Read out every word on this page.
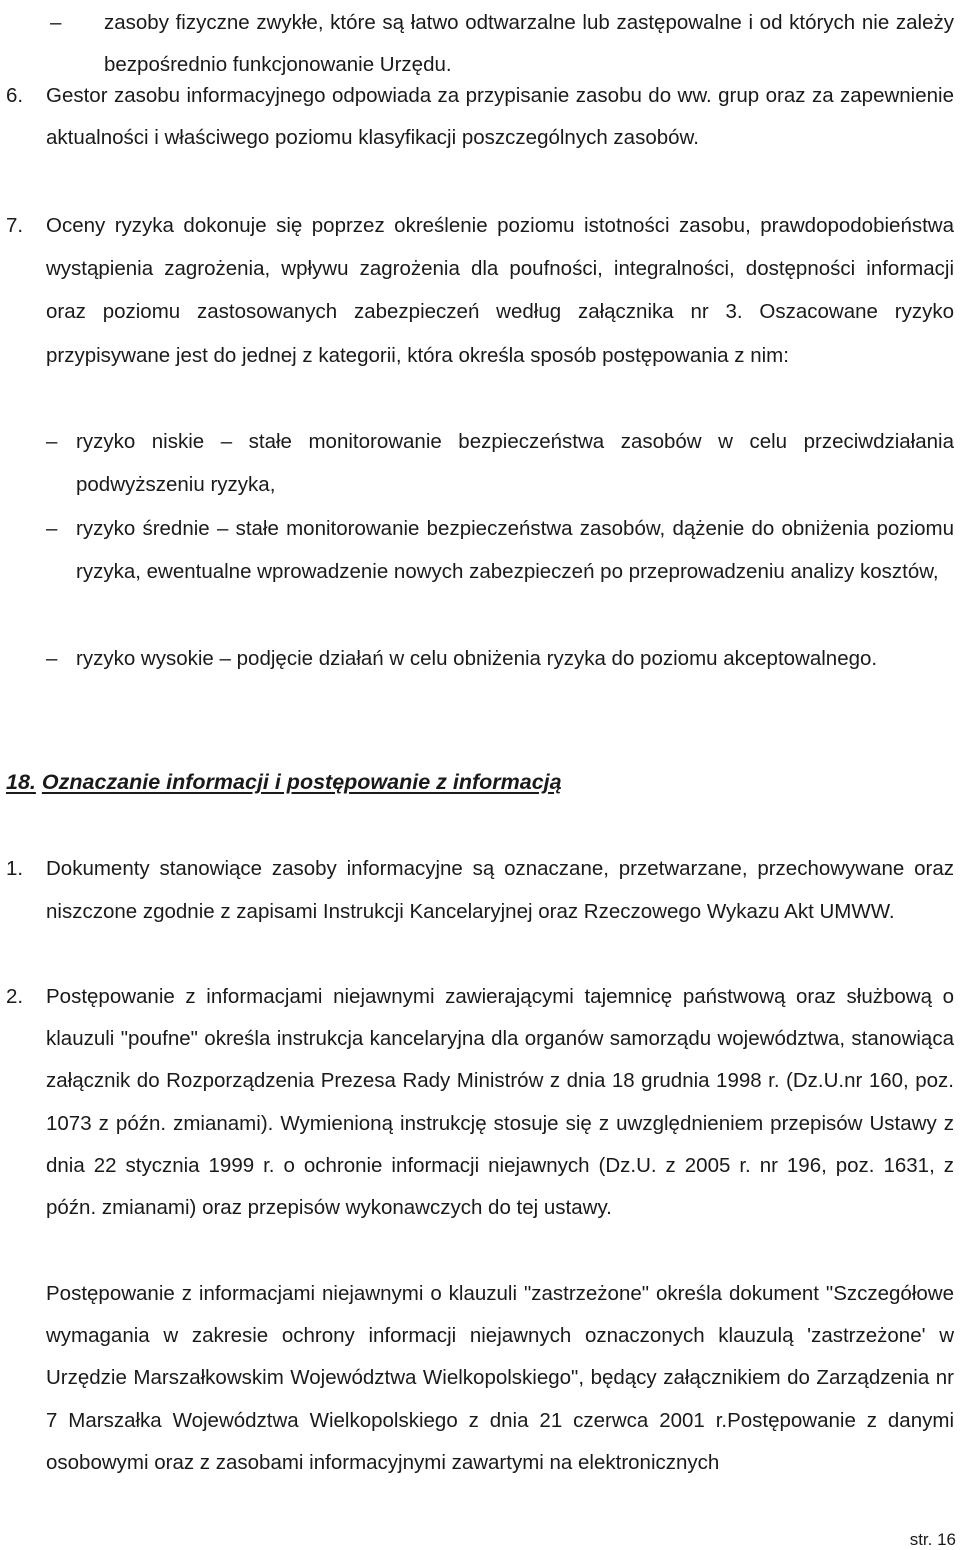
– zasoby fizyczne zwykłe, które są łatwo odtwarzalne lub zastępowalne i od których nie zależy bezpośrednio funkcjonowanie Urzędu.
6. Gestor zasobu informacyjnego odpowiada za przypisanie zasobu do ww. grup oraz za zapewnienie aktualności i właściwego poziomu klasyfikacji poszczególnych zasobów.
7. Oceny ryzyka dokonuje się poprzez określenie poziomu istotności zasobu, prawdopodobieństwa wystąpienia zagrożenia, wpływu zagrożenia dla poufności, integralności, dostępności informacji oraz poziomu zastosowanych zabezpieczeń według załącznika nr 3. Oszacowane ryzyko przypisywane jest do jednej z kategorii, która określa sposób postępowania z nim:
– ryzyko niskie – stałe monitorowanie bezpieczeństwa zasobów w celu przeciwdziałania podwyższeniu ryzyka,
– ryzyko średnie – stałe monitorowanie bezpieczeństwa zasobów, dążenie do obniżenia poziomu ryzyka, ewentualne wprowadzenie nowych zabezpieczeń po przeprowadzeniu analizy kosztów,
– ryzyko wysokie – podjęcie działań w celu obniżenia ryzyka do poziomu akceptowalnego.
18. Oznaczanie informacji i postępowanie z informacją
1. Dokumenty stanowiące zasoby informacyjne są oznaczane, przetwarzane, przechowywane oraz niszczone zgodnie z zapisami Instrukcji Kancelaryjnej oraz Rzeczowego Wykazu Akt UMWW.
2. Postępowanie z informacjami niejawnymi zawierającymi tajemnicę państwową oraz służbową o klauzuli "poufne" określa instrukcja kancelaryjna dla organów samorządu województwa, stanowiąca załącznik do Rozporządzenia Prezesa Rady Ministrów z dnia 18 grudnia 1998 r. (Dz.U.nr 160, poz. 1073 z późn. zmianami). Wymienioną instrukcję stosuje się z uwzględnieniem przepisów Ustawy z dnia 22 stycznia 1999 r. o ochronie informacji niejawnych (Dz.U. z 2005 r. nr 196, poz. 1631, z późn. zmianami) oraz przepisów wykonawczych do tej ustawy.
Postępowanie z informacjami niejawnymi o klauzuli "zastrzeżone" określa dokument "Szczegółowe wymagania w zakresie ochrony informacji niejawnych oznaczonych klauzulą 'zastrzeżone' w Urzędzie Marszałkowskim Województwa Wielkopolskiego", będący załącznikiem do Zarządzenia nr 7 Marszałka Województwa Wielkopolskiego z dnia 21 czerwca 2001 r.Postępowanie z danymi osobowymi oraz z zasobami informacyjnymi zawartymi na elektronicznych
str. 16
